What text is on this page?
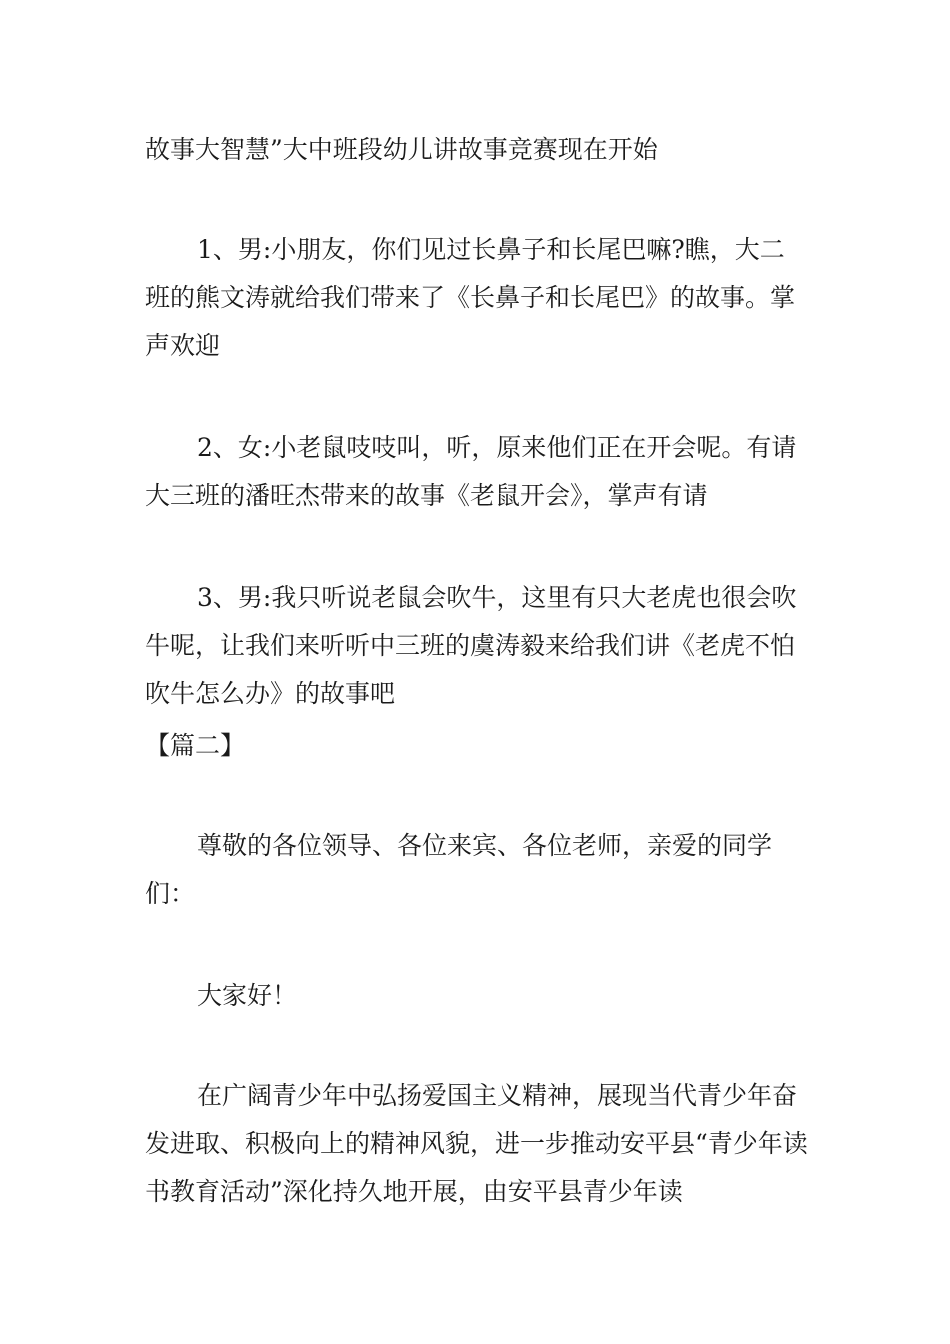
故事大智慧”大中班段幼儿讲故事竞赛现在开始

1、男:小朋友，你们见过长鼻子和长尾巴嘛?瞧，大二班的熊文涛就给我们带来了《长鼻子和长尾巴》的故事。掌声欢迎

2、女:小老鼠吱吱叫，听，原来他们正在开会呢。有请大三班的潘旺杰带来的故事《老鼠开会》，掌声有请

3、男:我只听说老鼠会吹牛，这里有只大老虎也很会吹牛呢，让我们来听听中三班的虞涛毅来给我们讲《老虎不怕吹牛怎么办》的故事吧

【篇二】

尊敬的各位领导、各位来宾、各位老师，亲爱的同学们：

大家好！

在广阔青少年中弘扬爱国主义精神，展现当代青少年奋发进取、积极向上的精神风貌，进一步推动安平县“青少年读书教育活动”深化持久地开展，由安平县青少年读
